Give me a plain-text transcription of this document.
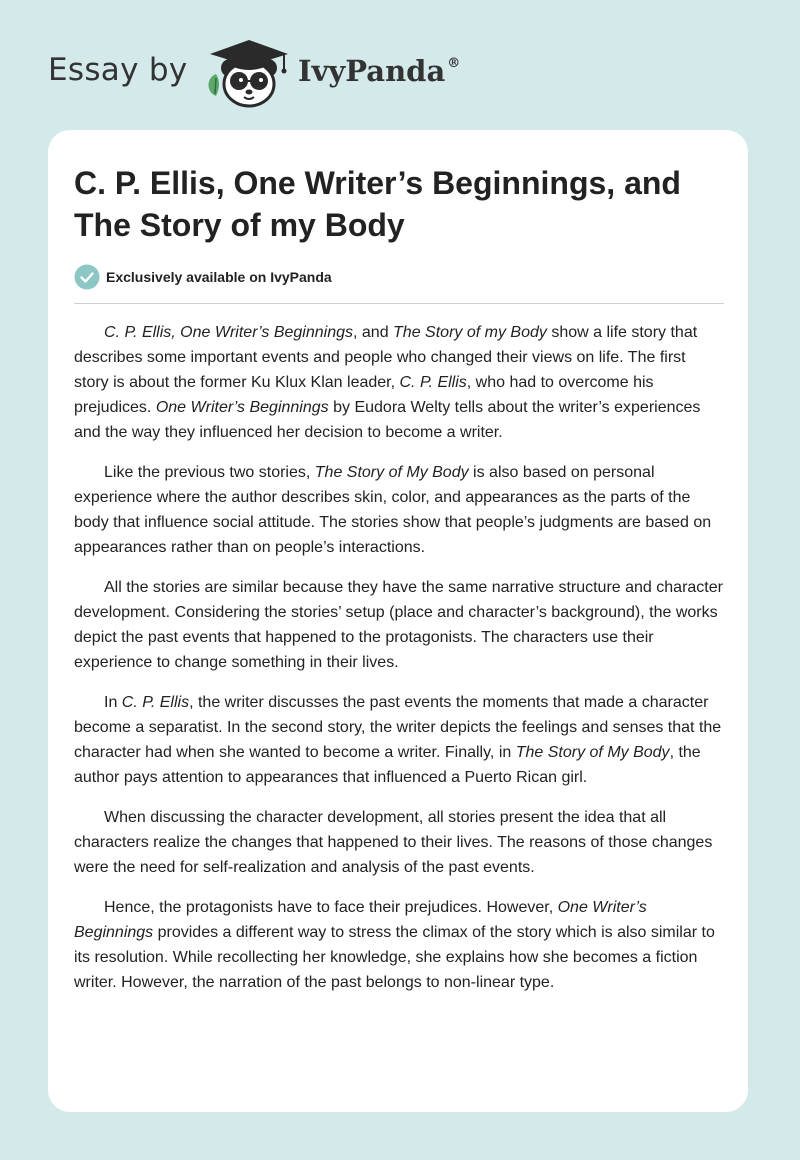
Essay by	IvyPanda ®
C. P. Ellis, One Writer’s Beginnings, and The Story of my Body
Exclusively available on IvyPanda

C. P. Ellis, One Writer’s Beginnings, and The Story of my Body show a life story that describes some important events and people who changed their views on life. The first story is about the former Ku Klux Klan leader, C. P. Ellis, who had to overcome his prejudices. One Writer’s Beginnings by Eudora Welty tells about the writer’s experiences and the way they influenced her decision to become a writer.

Like the previous two stories, The Story of My Body is also based on personal experience where the author describes skin, color, and appearances as the parts of the body that influence social attitude. The stories show that people’s judgments are based on appearances rather than on people’s interactions.

All the stories are similar because they have the same narrative structure and character development. Considering the stories’ setup (place and character’s background), the works depict the past events that happened to the protagonists. The characters use their experience to change something in their lives.

In C. P. Ellis, the writer discusses the past events the moments that made a character become a separatist. In the second story, the writer depicts the feelings and senses that the character had when she wanted to become a writer. Finally, in The Story of My Body, the author pays attention to appearances that influenced a Puerto Rican girl.

When discussing the character development, all stories present the idea that all characters realize the changes that happened to their lives. The reasons of those changes were the need for self-realization and analysis of the past events.

Hence, the protagonists have to face their prejudices. However, One Writer’s Beginnings provides a different way to stress the climax of the story which is also similar to its resolution. While recollecting her knowledge, she explains how she becomes a fiction writer. However, the narration of the past belongs to non-linear type.
